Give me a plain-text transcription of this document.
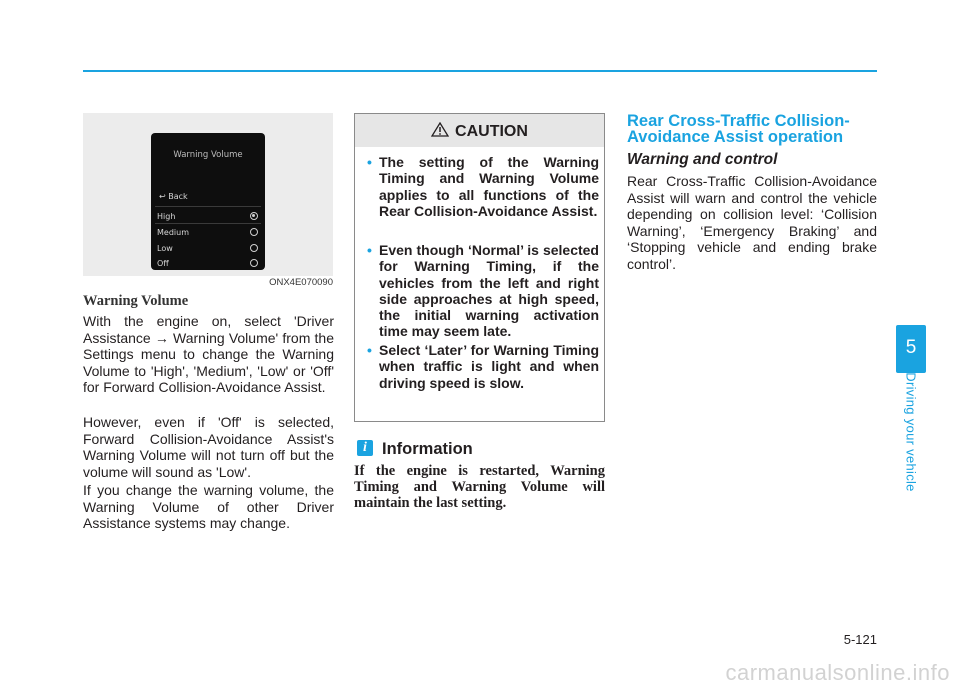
Warning Volume
↩ Back
High
Medium
Low
Off
ONX4E070090
Warning Volume
With the engine on, select 'Driver Assistance → Warning Volume' from the Settings menu to change the Warning Volume to 'High', 'Medium', 'Low' or 'Off' for Forward Collision-Avoidance Assist.
However, even if 'Off' is selected, Forward Collision-Avoidance Assist's Warning Volume will not turn off but the volume will sound as 'Low'.
If you change the warning volume, the Warning Volume of other Driver Assistance systems may change.
CAUTION
• The setting of the Warning Timing and Warning Volume applies to all functions of the Rear Collision-Avoidance Assist.
• Even though ‘Normal’ is selected for Warning Timing, if the vehicles from the left and right side approaches at high speed, the initial warning activation time may seem late.
• Select ‘Later’ for Warning Timing when traffic is light and when driving speed is slow.
i Information
If the engine is restarted, Warning Timing and Warning Volume will maintain the last setting.
Rear Cross-Traffic Collision-Avoidance Assist operation
Warning and control
Rear Cross-Traffic Collision-Avoidance Assist will warn and control the vehicle depending on collision level: ‘Collision Warning’, ‘Emergency Braking’ and ‘Stopping vehicle and ending brake control’.
5
Driving your vehicle
5-121
carmanualsonline.info
